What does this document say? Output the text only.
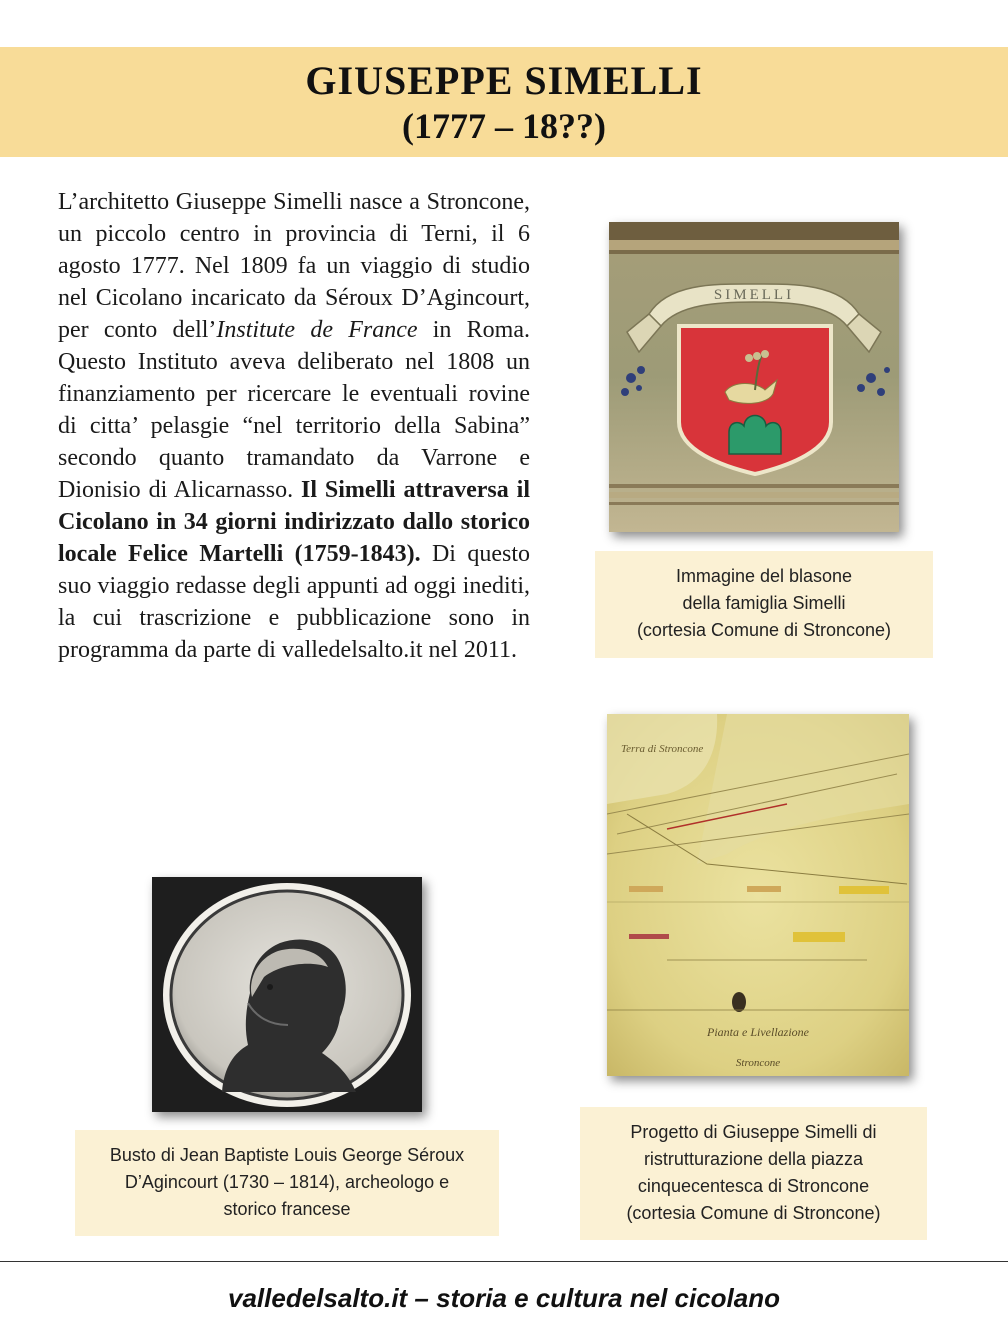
GIUSEPPE SIMELLI
(1777 – 18??)

L’architetto Giuseppe Simelli nasce a Stroncone, un piccolo centro in provincia di Terni, il 6 agosto 1777. Nel 1809 fa un viaggio di studio nel Cicolano incaricato da Séroux D’Agincourt, per conto dell’Institute de France in Roma. Questo Instituto aveva deliberato nel 1808 un finanziamento per ricercare le eventuali rovine di citta’ pelasgie “nel territorio della Sabina” secondo quanto tramandato da Varrone e Dionisio di Alicarnasso. Il Simelli attraversa il Cicolano in 34 giorni indirizzato dallo storico locale Felice Martelli (1759-1843). Di questo suo viaggio redasse degli appunti ad oggi inediti, la cui trascrizione e pubblicazione sono in programma da parte di valledelsalto.it nel 2011.

SIMELLI
Immagine del blasone
della famiglia Simelli
(cortesia Comune di Stroncone)
Terra di Stroncone
Pianta e Livellazione
Stroncone
Progetto di Giuseppe Simelli di
ristrutturazione della piazza
cinquecentesca di Stroncone
(cortesia Comune di Stroncone)
Busto di Jean Baptiste Louis George Séroux
D’Agincourt (1730 – 1814), archeologo e
storico francese
valledelsalto.it – storia e cultura nel cicolano
